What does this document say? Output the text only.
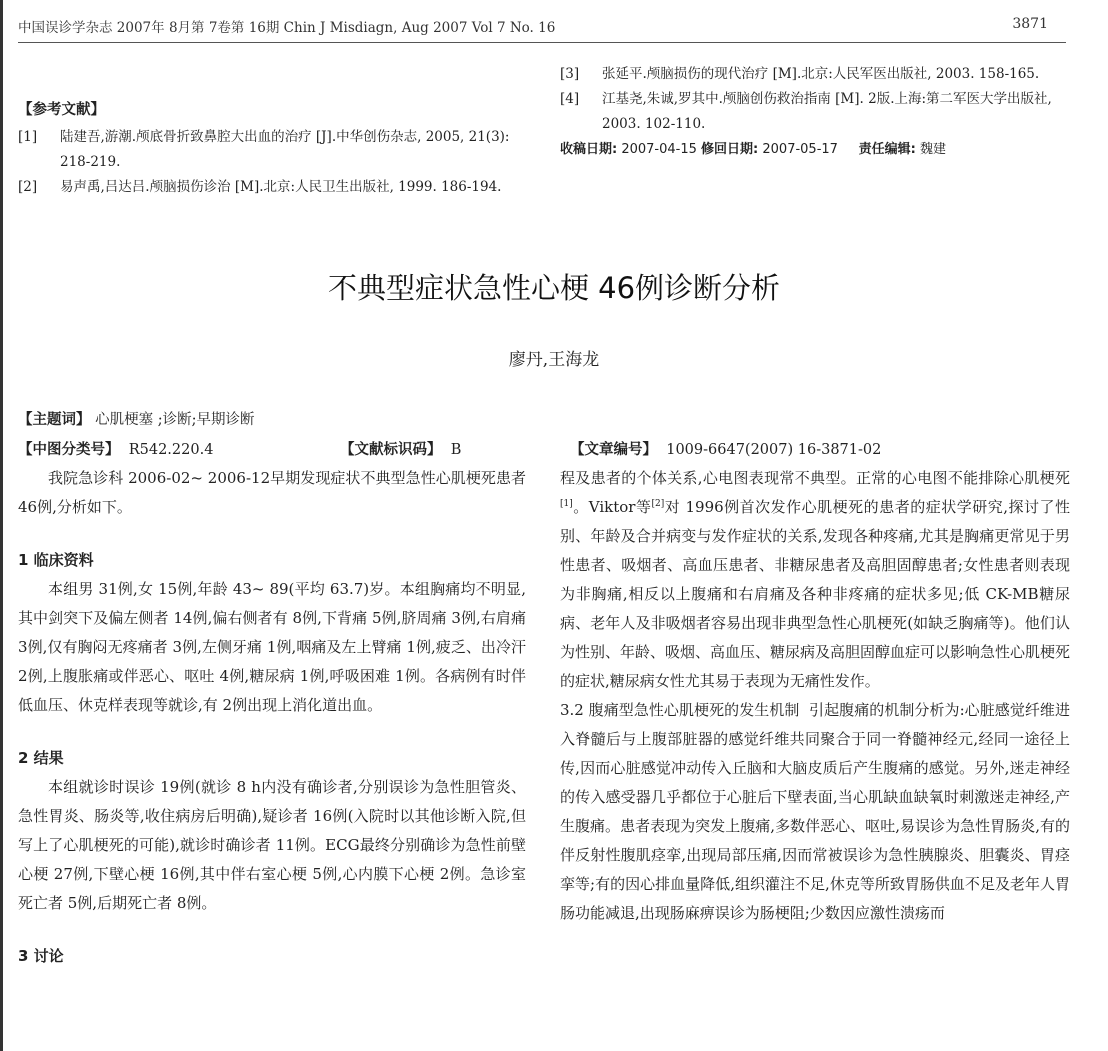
中国误诊学杂志 2007年 8月第 7卷第 16期 Chin J Misdiagn, Aug 2007 Vol 7 No. 16	3871
【参考文献】
[1] 陆建吾,游潮.颅底骨折致鼻腔大出血的治疗 [J].中华创伤杂志, 2005, 21(3): 218-219.
[2] 易声禹,吕达吕.颅脑损伤诊治 [M].北京:人民卫生出版社, 1999. 186-194.
[3] 张延平.颅脑损伤的现代治疗 [M].北京:人民军医出版社, 2003. 158-165.
[4] 江基尧,朱诚,罗其中.颅脑创伤救治指南 [M]. 2版.上海:第二军医大学出版社, 2003. 102-110.
收稿日期: 2007-04-15 修回日期: 2007-05-17 责任编辑: 魏建
不典型症状急性心梗 46例诊断分析
廖丹,王海龙
【主题词】 心肌梗塞 ;诊断;早期诊断
【中图分类号】 R542.220.4	【文献标识码】 B	【文章编号】 1009-6647(2007) 16-3871-02

我院急诊科 2006-02~ 2006-12早期发现症状不典型急性心肌梗死患者 46例,分析如下。

1 临床资料

本组男 31例,女 15例,年龄 43~ 89(平均 63.7)岁。本组胸痛均不明显,其中剑突下及偏左侧者 14例,偏右侧者有 8例,下背痛 5例,脐周痛 3例,右肩痛 3例,仅有胸闷无疼痛者 3例,左侧牙痛 1例,咽痛及左上臂痛 1例,疲乏、出冷汗 2例,上腹胀痛或伴恶心、呕吐 4例,糖尿病 1例,呼吸困难 1例。各病例有时伴低血压、休克样表现等就诊,有 2例出现上消化道出血。

2 结果

本组就诊时误诊 19例(就诊 8 h内没有确诊者,分别误诊为急性胆管炎、急性胃炎、肠炎等,收住病房后明确),疑诊者 16例(入院时以其他诊断入院,但写上了心肌梗死的可能),就诊时确诊者 11例。ECG最终分别确诊为急性前壁心梗 27例,下壁心梗 16例,其中伴右室心梗 5例,心内膜下心梗 2例。急诊室死亡者 5例,后期死亡者 8例。

3 讨论

程及患者的个体关系,心电图表现常不典型。正常的心电图不能排除心肌梗死[1]。Viktor等[2]对 1996例首次发作心肌梗死的患者的症状学研究,探讨了性别、年龄及合并病变与发作症状的关系,发现各种疼痛,尤其是胸痛更常见于男性患者、吸烟者、高血压患者、非糖尿患者及高胆固醇患者;女性患者则表现为非胸痛,相反以上腹痛和右肩痛及各种非疼痛的症状多见;低 CK-MB糖尿病、老年人及非吸烟者容易出现非典型急性心肌梗死(如缺乏胸痛等)。他们认为性别、年龄、吸烟、高血压、糖尿病及高胆固醇血症可以影响急性心肌梗死的症状,糖尿病女性尤其易于表现为无痛性发作。

3.2 腹痛型急性心肌梗死的发生机制 引起腹痛的机制分析为:心脏感觉纤维进入脊髓后与上腹部脏器的感觉纤维共同聚合于同一脊髓神经元,经同一途径上传,因而心脏感觉冲动传入丘脑和大脑皮质后产生腹痛的感觉。另外,迷走神经的传入感受器几乎都位于心脏后下壁表面,当心肌缺血缺氧时刺激迷走神经,产生腹痛。患者表现为突发上腹痛,多数伴恶心、呕吐,易误诊为急性胃肠炎,有的伴反射性腹肌痉挛,出现局部压痛,因而常被误诊为急性胰腺炎、胆囊炎、胃痉挛等;有的因心排血量降低,组织灌注不足,休克等所致胃肠供血不足及老年人胃肠功能减退,出现肠麻痹误诊为肠梗阻;少数因应激性溃疡而
